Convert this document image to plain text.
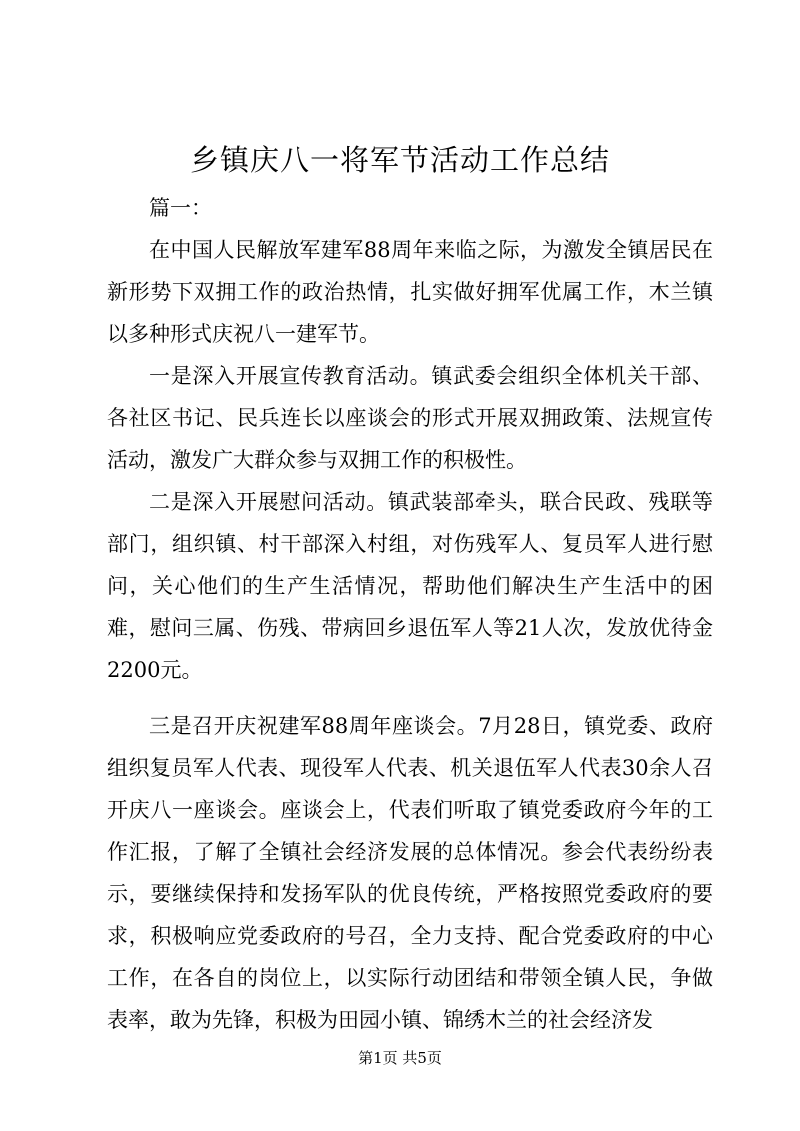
乡镇庆八一将军节活动工作总结

篇一：

在中国人民解放军建军88周年来临之际，为激发全镇居民在新形势下双拥工作的政治热情，扎实做好拥军优属工作，木兰镇以多种形式庆祝八一建军节。

一是深入开展宣传教育活动。镇武委会组织全体机关干部、各社区书记、民兵连长以座谈会的形式开展双拥政策、法规宣传活动，激发广大群众参与双拥工作的积极性。

二是深入开展慰问活动。镇武装部牵头，联合民政、残联等部门，组织镇、村干部深入村组，对伤残军人、复员军人进行慰问，关心他们的生产生活情况，帮助他们解决生产生活中的困难，慰问三属、伤残、带病回乡退伍军人等21人次，发放优待金2200元。

三是召开庆祝建军88周年座谈会。7月28日，镇党委、政府组织复员军人代表、现役军人代表、机关退伍军人代表30余人召开庆八一座谈会。座谈会上，代表们听取了镇党委政府今年的工作汇报，了解了全镇社会经济发展的总体情况。参会代表纷纷表示，要继续保持和发扬军队的优良传统，严格按照党委政府的要求，积极响应党委政府的号召，全力支持、配合党委政府的中心工作，在各自的岗位上，以实际行动团结和带领全镇人民，争做表率，敢为先锋，积极为田园小镇、锦绣木兰的社会经济发

第1页 共5页
